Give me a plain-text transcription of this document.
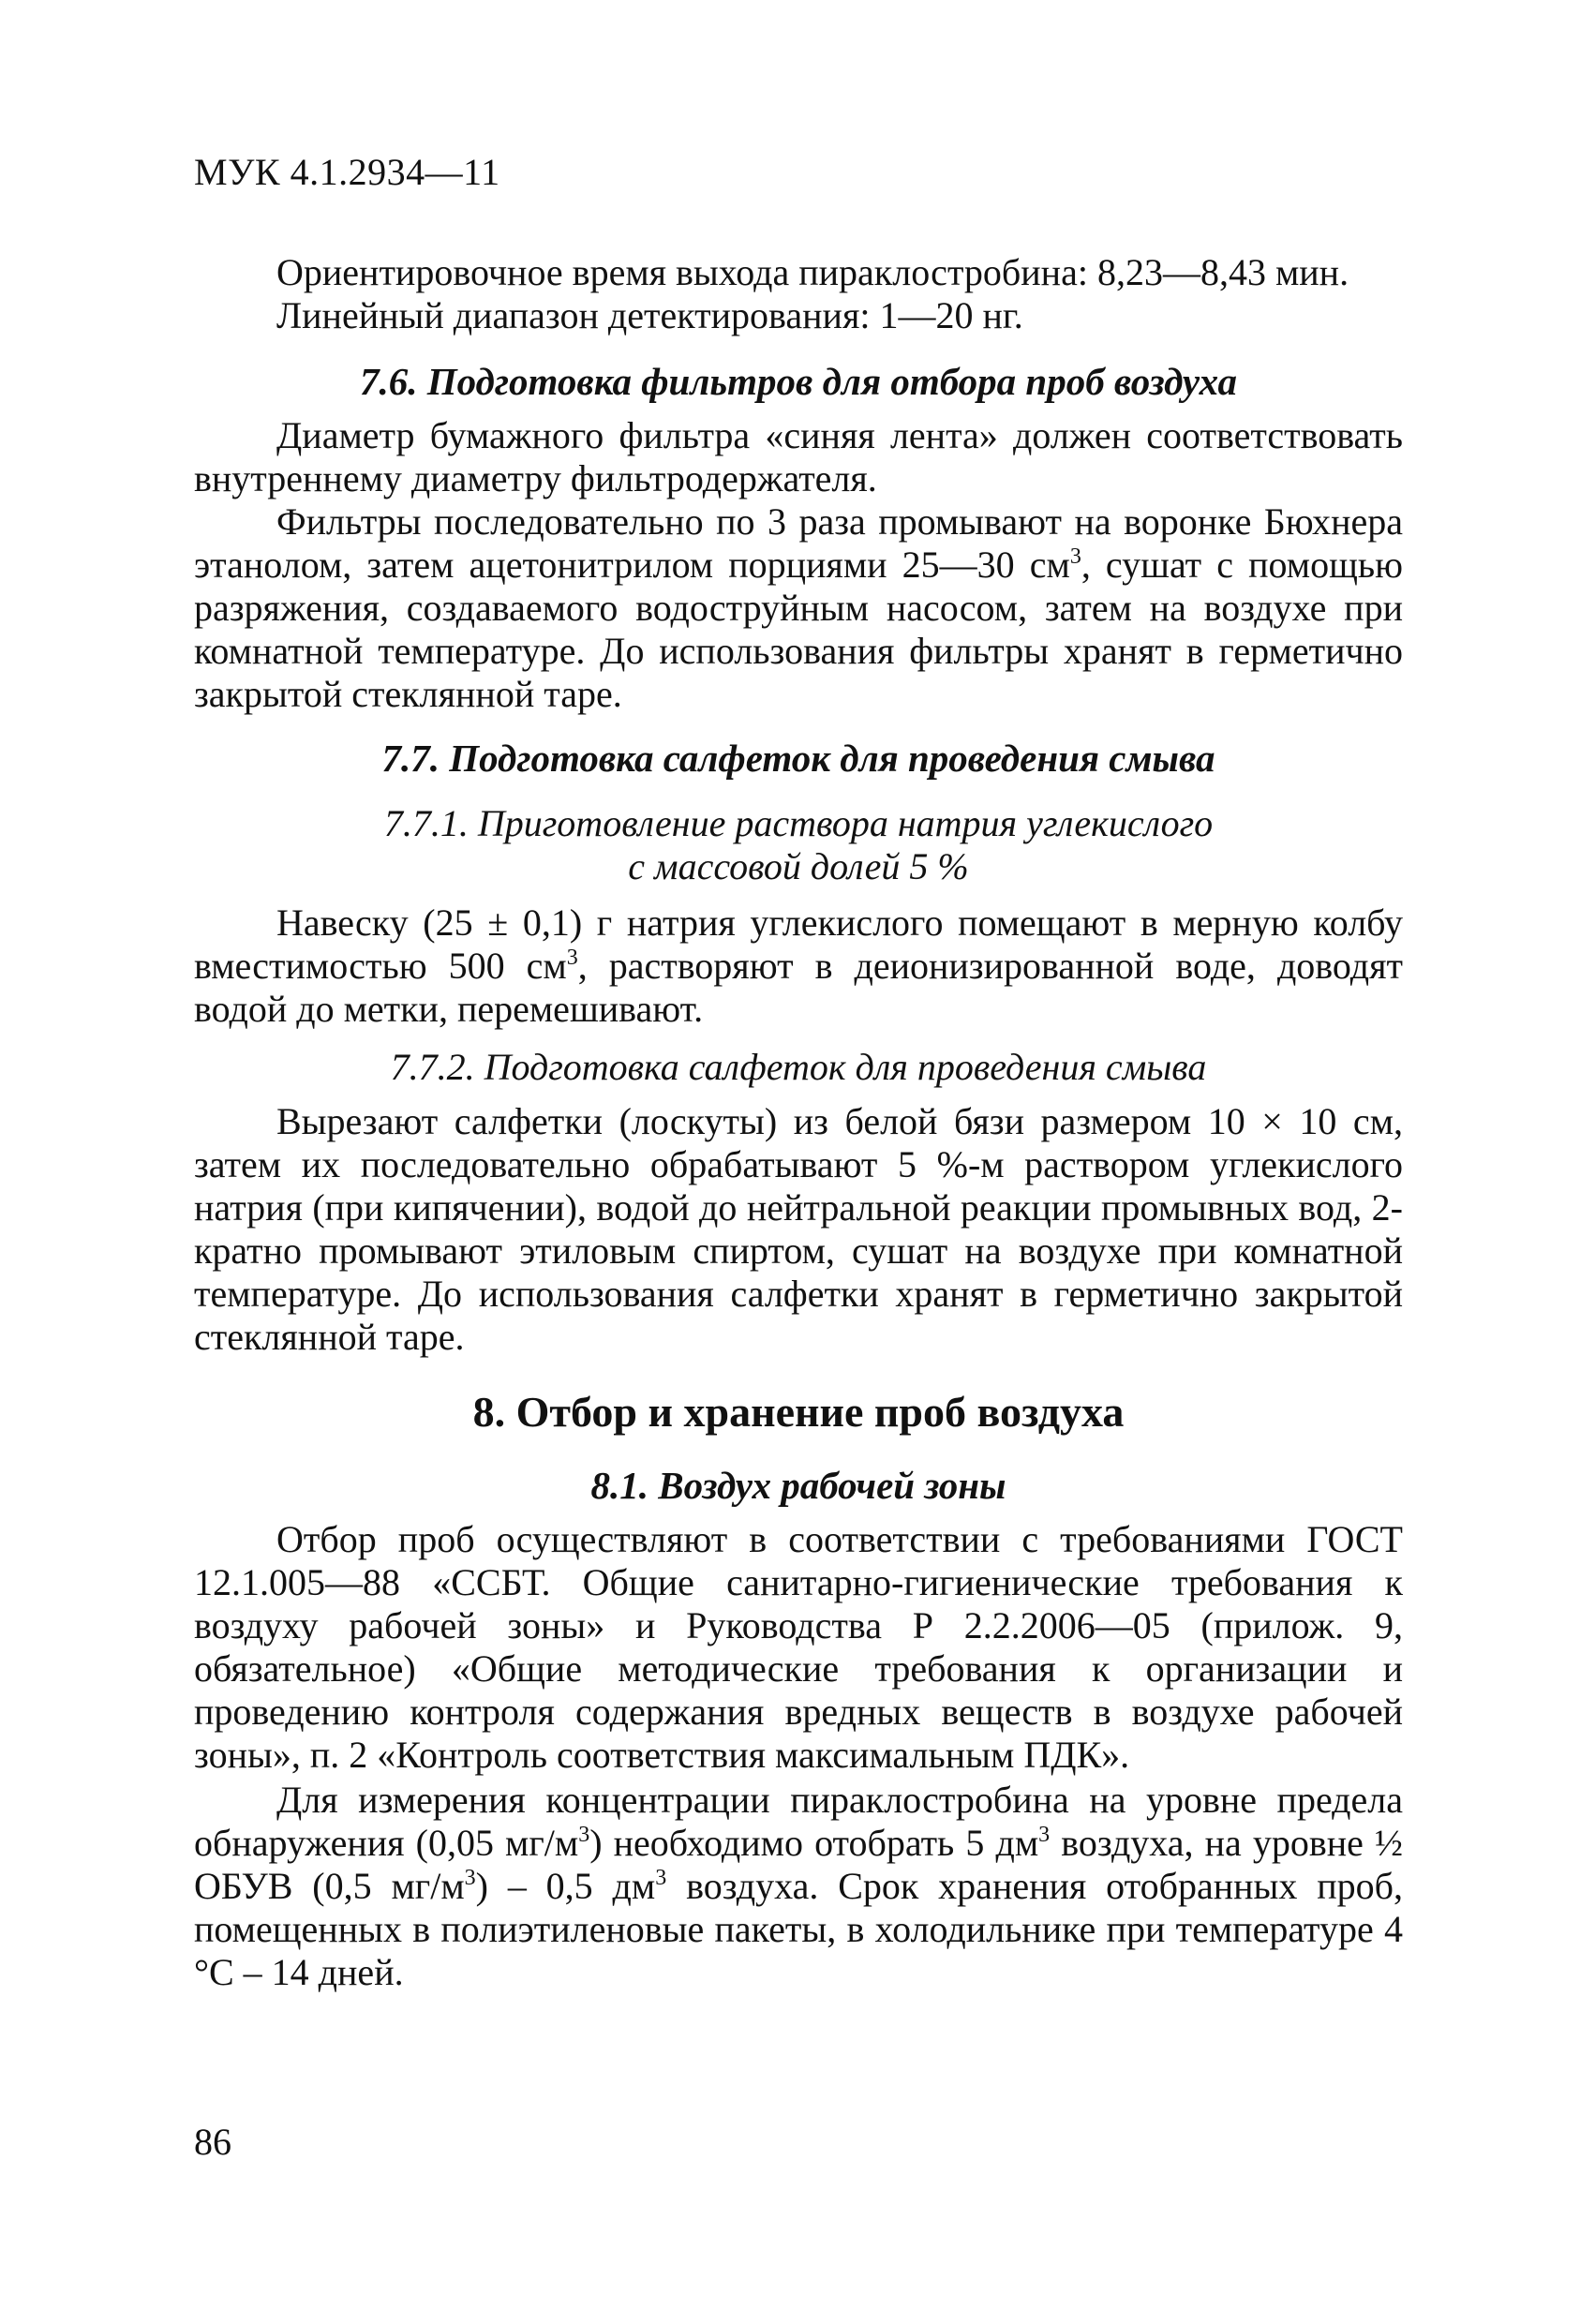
МУК 4.1.2934—11

Ориентировочное время выхода пираклостробина: 8,23—8,43 мин.

Линейный диапазон детектирования: 1—20 нг.

7.6. Подготовка фильтров для отбора проб воздуха

Диаметр бумажного фильтра «синяя лента» должен соответствовать внутреннему диаметру фильтродержателя.

Фильтры последовательно по 3 раза промывают на воронке Бюхнера этанолом, затем ацетонитрилом порциями 25—30 $см^3$, сушат с помощью разряжения, создаваемого водоструйным насосом, затем на воздухе при комнатной температуре. До использования фильтры хранят в герметично закрытой стеклянной таре.

7.7. Подготовка салфеток для проведения смыва

7.7.1. Приготовление раствора натрия углекислого

с массовой долей 5 %

Навеску (25 ± 0,1) г натрия углекислого помещают в мерную колбу вместимостью 500 $см^3$, растворяют в деионизированной воде, доводят водой до метки, перемешивают.

7.7.2. Подготовка салфеток для проведения смыва

Вырезают салфетки (лоскуты) из белой бязи размером 10 × 10 см, затем их последовательно обрабатывают 5 %-м раствором углекислого натрия (при кипячении), водой до нейтральной реакции промывных вод, 2-кратно промывают этиловым спиртом, сушат на воздухе при комнатной температуре. До использования салфетки хранят в герметично закрытой стеклянной таре.

8. Отбор и хранение проб воздуха

8.1. Воздух рабочей зоны

Отбор проб осуществляют в соответствии с требованиями ГОСТ 12.1.005—88 «ССБТ. Общие санитарно-гигиенические требования к воздуху рабочей зоны» и Руководства Р 2.2.2006—05 (прилож. 9, обязательное) «Общие методические требования к организации и проведению контроля содержания вредных веществ в воздухе рабочей зоны», п. 2 «Контроль соответствия максимальным ПДК».

Для измерения концентрации пираклостробина на уровне предела обнаружения (0,05 $мг/м^3$) необходимо отобрать 5 $дм^3$ воздуха, на уровне ½ ОБУВ (0,5 $мг/м^3) - 0,5$ $дм^3$ воздуха. Срок хранения отобранных проб, помещенных в полиэтиленовые пакеты, в холодильнике при температуре 4 °С – 14 дней.

86
